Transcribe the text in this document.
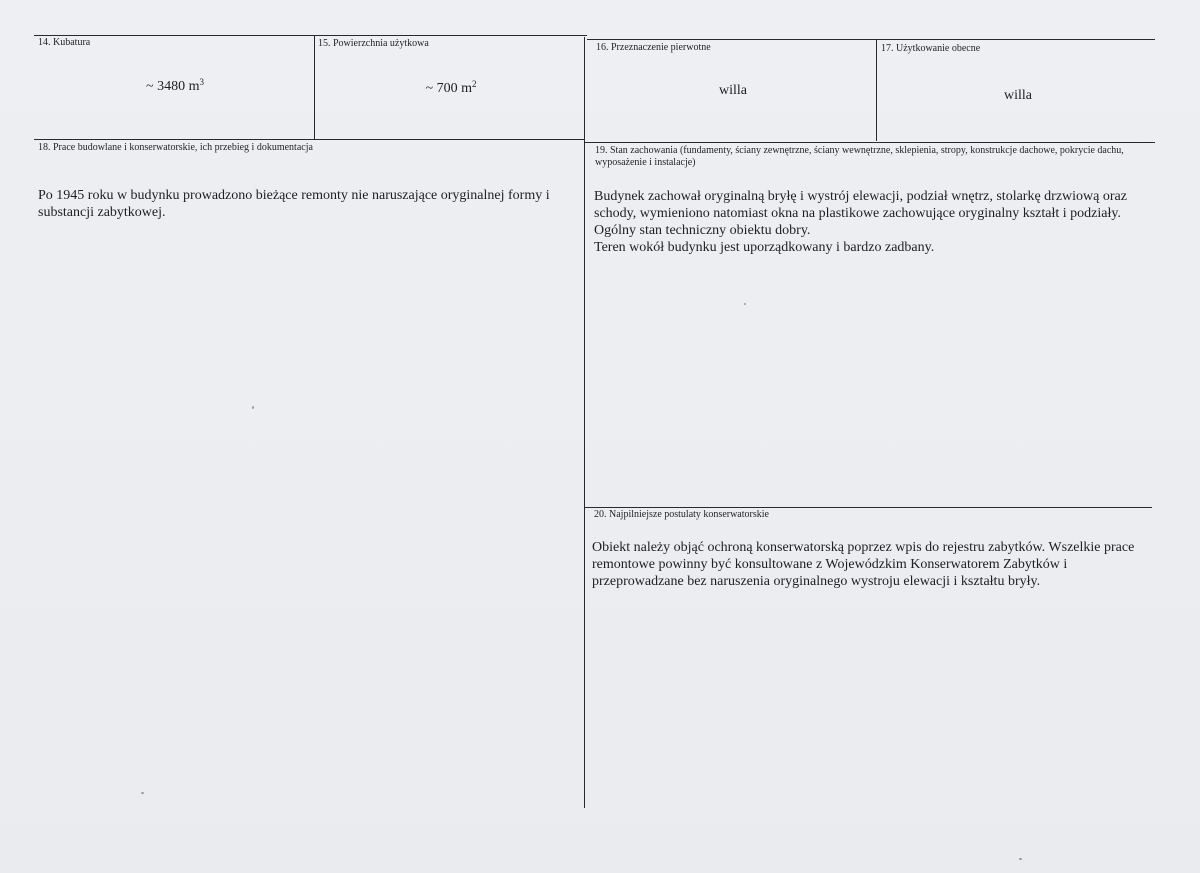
14. Kubatura
~ 3480 $m^3$
15. Powierzchnia użytkowa
~ 700 $m^2$
16. Przeznaczenie pierwotne
willa
17. Użytkowanie obecne
willa
18. Prace budowlane i konserwatorskie, ich przebieg i dokumentacja
Po 1945 roku w budynku prowadzono bieżące remonty nie naruszające oryginalnej formy i substancji zabytkowej.
19. Stan zachowania (fundamenty, ściany zewnętrzne, ściany wewnętrzne, sklepienia, stropy, konstrukcje dachowe, pokrycie dachu, wyposażenie i instalacje)

Budynek zachował oryginalną bryłę i wystrój elewacji, podział wnętrz, stolarkę drzwiową oraz schody, wymieniono natomiast okna na plastikowe zachowujące oryginalny kształt i podziały.

Ogólny stan techniczny obiektu dobry.

Teren wokół budynku jest uporządkowany i bardzo zadbany.

20. Najpilniejsze postulaty konserwatorskie
Obiekt należy objąć ochroną konserwatorską poprzez wpis do rejestru zabytków. Wszelkie prace remontowe powinny być konsultowane z Wojewódzkim Konserwatorem Zabytków i przeprowadzane bez naruszenia oryginalnego wystroju elewacji i kształtu bryły.
